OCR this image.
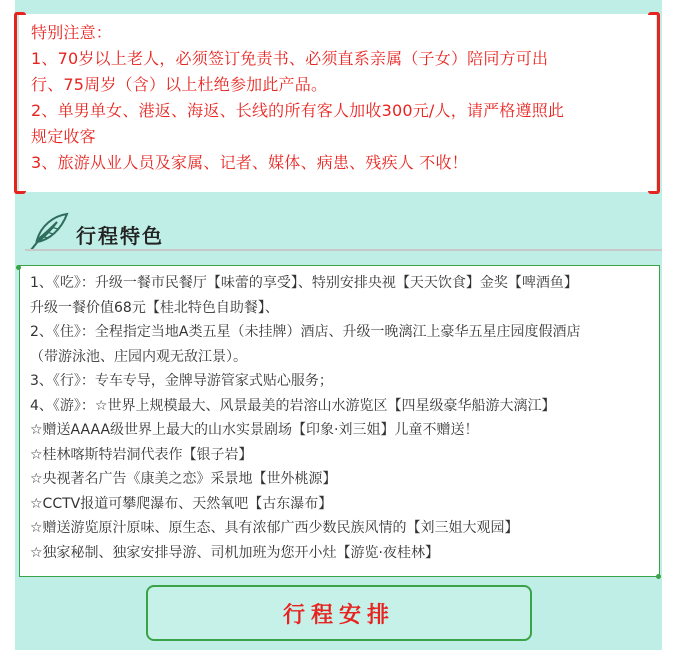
特别注意：
1、70岁以上老人，必须签订免责书、必须直系亲属（子女）陪同方可出
行、75周岁（含）以上杜绝参加此产品。
2、单男单女、港返、海返、长线的所有客人加收300元/人，请严格遵照此
规定收客
3、旅游从业人员及家属、记者、媒体、病患、残疾人 不收！
行程特色
1、《吃》：升级一餐市民餐厅【味蕾的享受】、特别安排央视【天天饮食】金奖【啤酒鱼】
升级一餐价值68元【桂北特色自助餐】、
2、《住》：全程指定当地A类五星（未挂牌）酒店、升级一晚漓江上豪华五星庄园度假酒店
（带游泳池、庄园内观无敌江景）。
3、《行》：专车专导，金牌导游管家式贴心服务；
4、《游》：☆世界上规模最大、风景最美的岩溶山水游览区【四星级豪华船游大漓江】
☆赠送AAAA级世界上最大的山水实景剧场【印象·刘三姐】儿童不赠送！
☆桂林喀斯特岩洞代表作【银子岩】
☆央视著名广告《康美之恋》采景地【世外桃源】
☆CCTV报道可攀爬瀑布、天然氧吧【古东瀑布】
☆赠送游览原汁原味、原生态、具有浓郁广西少数民族风情的【刘三姐大观园】
☆独家秘制、独家安排导游、司机加班为您开小灶【游览·夜桂林】
行程安排
